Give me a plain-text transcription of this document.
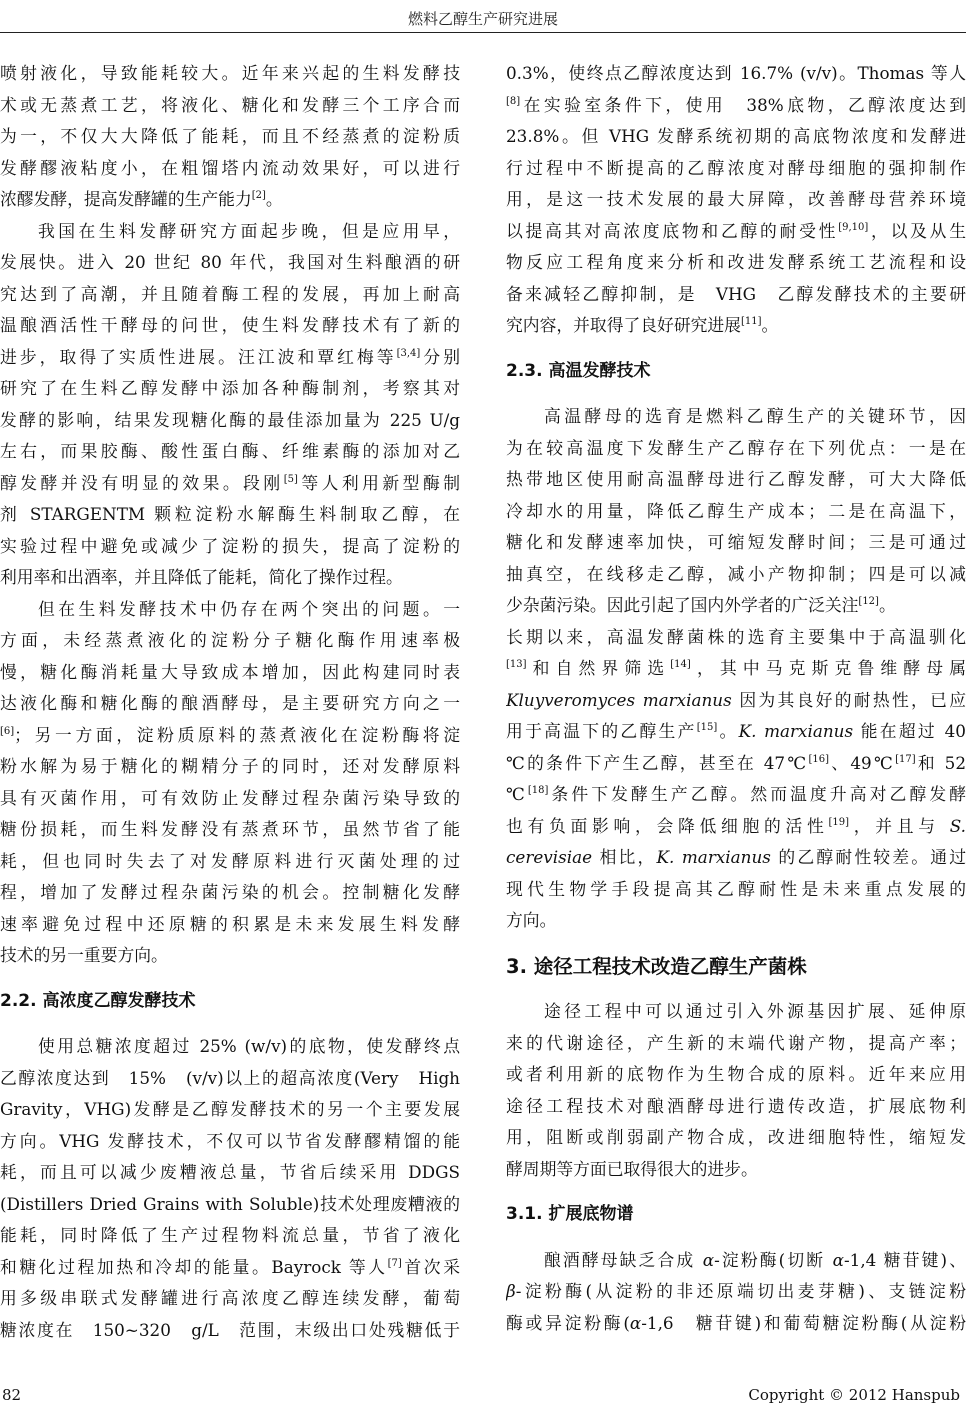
燃料乙醇生产研究进展
喷射液化，导致能耗较大。近年来兴起的生料发酵技
术或无蒸煮工艺，将液化、糖化和发酵三个工序合而
为一，不仅大大降低了能耗，而且不经蒸煮的淀粉质
发酵醪液粘度小，在粗馏塔内流动效果好，可以进行
浓醪发酵，提高发酵罐的生产能力[2]。
我国在生料发酵研究方面起步晚，但是应用早，
发展快。进入 20 世纪 80 年代，我国对生料酿酒的研
究达到了高潮，并且随着酶工程的发展，再加上耐高
温酿酒活性干酵母的问世，使生料发酵技术有了新的
进步，取得了实质性进展。汪江波和覃红梅等[3,4]分别
研究了在生料乙醇发酵中添加各种酶制剂，考察其对
发酵的影响，结果发现糖化酶的最佳添加量为 225 U/g
左右，而果胶酶、酸性蛋白酶、纤维素酶的添加对乙
醇发酵并没有明显的效果。段刚[5]等人利用新型酶制
剂 STARGENTM 颗粒淀粉水解酶生料制取乙醇，在
实验过程中避免或减少了淀粉的损失，提高了淀粉的
利用率和出酒率，并且降低了能耗，简化了操作过程。
但在生料发酵技术中仍存在两个突出的问题。一
方面，未经蒸煮液化的淀粉分子糖化酶作用速率极
慢，糖化酶消耗量大导致成本增加，因此构建同时表
达液化酶和糖化酶的酿酒酵母，是主要研究方向之一
[6]；另一方面，淀粉质原料的蒸煮液化在淀粉酶将淀
粉水解为易于糖化的糊精分子的同时，还对发酵原料
具有灭菌作用，可有效防止发酵过程杂菌污染导致的
糖份损耗，而生料发酵没有蒸煮环节，虽然节省了能
耗，但也同时失去了对发酵原料进行灭菌处理的过
程，增加了发酵过程杂菌污染的机会。控制糖化发酵
速率避免过程中还原糖的积累是未来发展生料发酵
技术的另一重要方向。
2.2. 高浓度乙醇发酵技术
使用总糖浓度超过 25% (w/v)的底物，使发酵终点
乙醇浓度达到　15%　(v/v)以上的超高浓度(Very　High
Gravity，VHG)发酵是乙醇发酵技术的另一个主要发展
方向。VHG 发酵技术，不仅可以节省发酵醪精馏的能
耗，而且可以减少废糟液总量，节省后续采用 DDGS
(Distillers Dried Grains with Soluble)技术处理废糟液的
能耗，同时降低了生产过程物料流总量，节省了液化
和糖化过程加热和冷却的能量。Bayrock 等人[7]首次采
用多级串联式发酵罐进行高浓度乙醇连续发酵，葡萄
糖浓度在　150~320　g/L　范围，末级出口处残糖低于
0.3%，使终点乙醇浓度达到 16.7% (v/v)。Thomas 等人
[8]在实验室条件下，使用　38%底物，乙醇浓度达到
23.8%。但 VHG 发酵系统初期的高底物浓度和发酵进
行过程中不断提高的乙醇浓度对酵母细胞的强抑制作
用，是这一技术发展的最大屏障，改善酵母营养环境
以提高其对高浓度底物和乙醇的耐受性[9,10]，以及从生
物反应工程角度来分析和改进发酵系统工艺流程和设
备来减轻乙醇抑制，是　VHG　乙醇发酵技术的主要研
究内容，并取得了良好研究进展[11]。
2.3. 高温发酵技术
高温酵母的选育是燃料乙醇生产的关键环节，因
为在较高温度下发酵生产乙醇存在下列优点：一是在
热带地区使用耐高温酵母进行乙醇发酵，可大大降低
冷却水的用量，降低乙醇生产成本；二是在高温下，
糖化和发酵速率加快，可缩短发酵时间；三是可通过
抽真空，在线移走乙醇，减小产物抑制；四是可以减
少杂菌污染。因此引起了国内外学者的广泛关注[12]。
长期以来，高温发酵菌株的选育主要集中于高温驯化
[13]和自然界筛选[14]，其中马克斯克鲁维酵母属
Kluyveromyces marxianus 因为其良好的耐热性，已应
用于高温下的乙醇生产[15]。K. marxianus 能在超过 40
℃的条件下产生乙醇，甚至在 47℃[16]、49℃[17]和 52
℃[18]条件下发酵生产乙醇。然而温度升高对乙醇发酵
也有负面影响，会降低细胞的活性[19]，并且与 S.
cerevisiae 相比，K. marxianus 的乙醇耐性较差。通过
现代生物学手段提高其乙醇耐性是未来重点发展的
方向。
3. 途径工程技术改造乙醇生产菌株
途径工程中可以通过引入外源基因扩展、延伸原
来的代谢途径，产生新的末端代谢产物，提高产率；
或者利用新的底物作为生物合成的原料。近年来应用
途径工程技术对酿酒酵母进行遗传改造，扩展底物利
用，阻断或削弱副产物合成，改进细胞特性，缩短发
酵周期等方面已取得很大的进步。
3.1. 扩展底物谱
酿酒酵母缺乏合成 α-淀粉酶(切断 α-1,4 糖苷键)、
β-淀粉酶(从淀粉的非还原端切出麦芽糖)、支链淀粉
酶或异淀粉酶(α-1,6　糖苷键)和葡萄糖淀粉酶(从淀粉
82	Copyright © 2012 Hanspub
